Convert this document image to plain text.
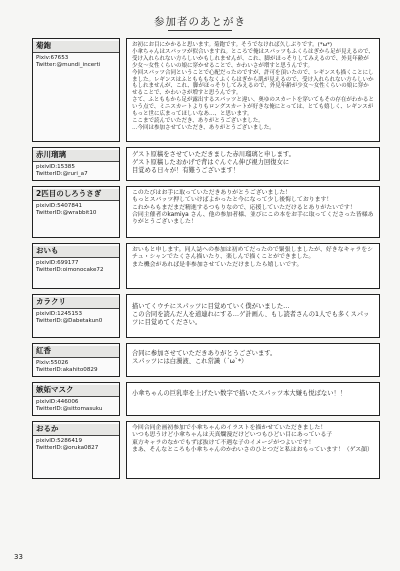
参加者のあとがき
菊鉋
Pixiv:67653
Twitter:@mundi_incerti

お初にお目にかかると思います。菊鉋です。そうでなければ久しぶりです。(*ω*)

小傘ちゃんはスパッツが似合いますね。ところで俺はスパッツもふくらはぎから足が見えるので、受け入れられない方らしいかもしれませんが、これ、脚がほっそりしてみえるので、外見年齢が少女〜女性くらいの娘に穿かせることで、かわいさが増すと思うんです。

今回スパッツ合同ということで心配だったのですが、許可を頂いたので、レギンスも描くことにしました。レギンスはふともももなくふくらはぎから肌が見えるので、受け入れられない方らしいかもしれませんが、これ、脚がほっそりしてみえるので、外見年齢が少女〜女性くらいの娘に穿かせることで、かわいさが増すと思うんです。

さて、ふとももから足が露出するスパッツと違い、奥ゆのスカートを穿いてもその存在がわかるという点で、ミニスカートよりもロングスカートが好きな俺にとっては、とても嬉しく、レギンスがもっと世に広まってほしいなあ…、と思います。

ここまで読んでいただき、ありがとうございました。

…今回は参加させていただき、ありがとうございました。

赤川瑠璃
pixivID:15385
TwitterID:@ruri_a7

ゲスト原稿をさせていただきました赤川瑠璃と申します。

ゲスト原稿したおかげで背はぐんぐん伸び視力回復女に

目覚める日々が！有難うございます！

2匹目のしろうさぎ
pixivID:5407841
TwitterID:@wrabbit10

このたびはお手に取っていただきありがとうございました！

もっとスパッツ押していけばよかったと今になって少し後悔しております！

これからもまだまだ精進するつもりなので、応援していただけるとありがたいです！

合同主催者のkamiya さん、他の参加者様、並びにこの本をお手に取ってくださった皆様ありがとうございました！

おいも
pixivID:699177
TwitterID:oimonocake72

おいもと申します。同人誌への参加は初めてだったので緊張しましたが、好きなキャラをシチュ・シャンでたくさん描いたり、楽しんで描くことができました。

また機会があれば是非参加させていただけましたら嬉しいです。

カラクリ
pixivID:1245153
TwitterID:@Dabetakun0

描いてくウチにスパッツに目覚めていく僕がいました…

この合同を読んだ人を道連れにする…ゲ計画ん、もし読者さんの1人でも多くスパッツに目覚めてください。

紅香
Pixiv:55026
TwitterID:akahito0829

合同に参加させていただきありがとうございます。

スパッツには白濁液、これ常識（´ω`*）

嫉妬マスク
pixivID:446006
TwitterID:@sittomasuku

小傘ちゃんの巨乳率を上げたい数字で描いたスパッツ本大嫌も悦ばない！！

おるか
pixivID:5286419
TwitterID:@oruka0827

今回合同企画初参加で小傘ちゃんのイラストを描かせていただきました！

いつも思うけど小傘ちゃんは天真爛漫だけどいつもひどい目にあっている子

東方キャラのなかでもずば抜けて不遇な子のイメージがつよいです！

まあ、そんなところも小傘ちゃんのかわいさのひとつだと私はおもっています！（ゲス顔）

33
